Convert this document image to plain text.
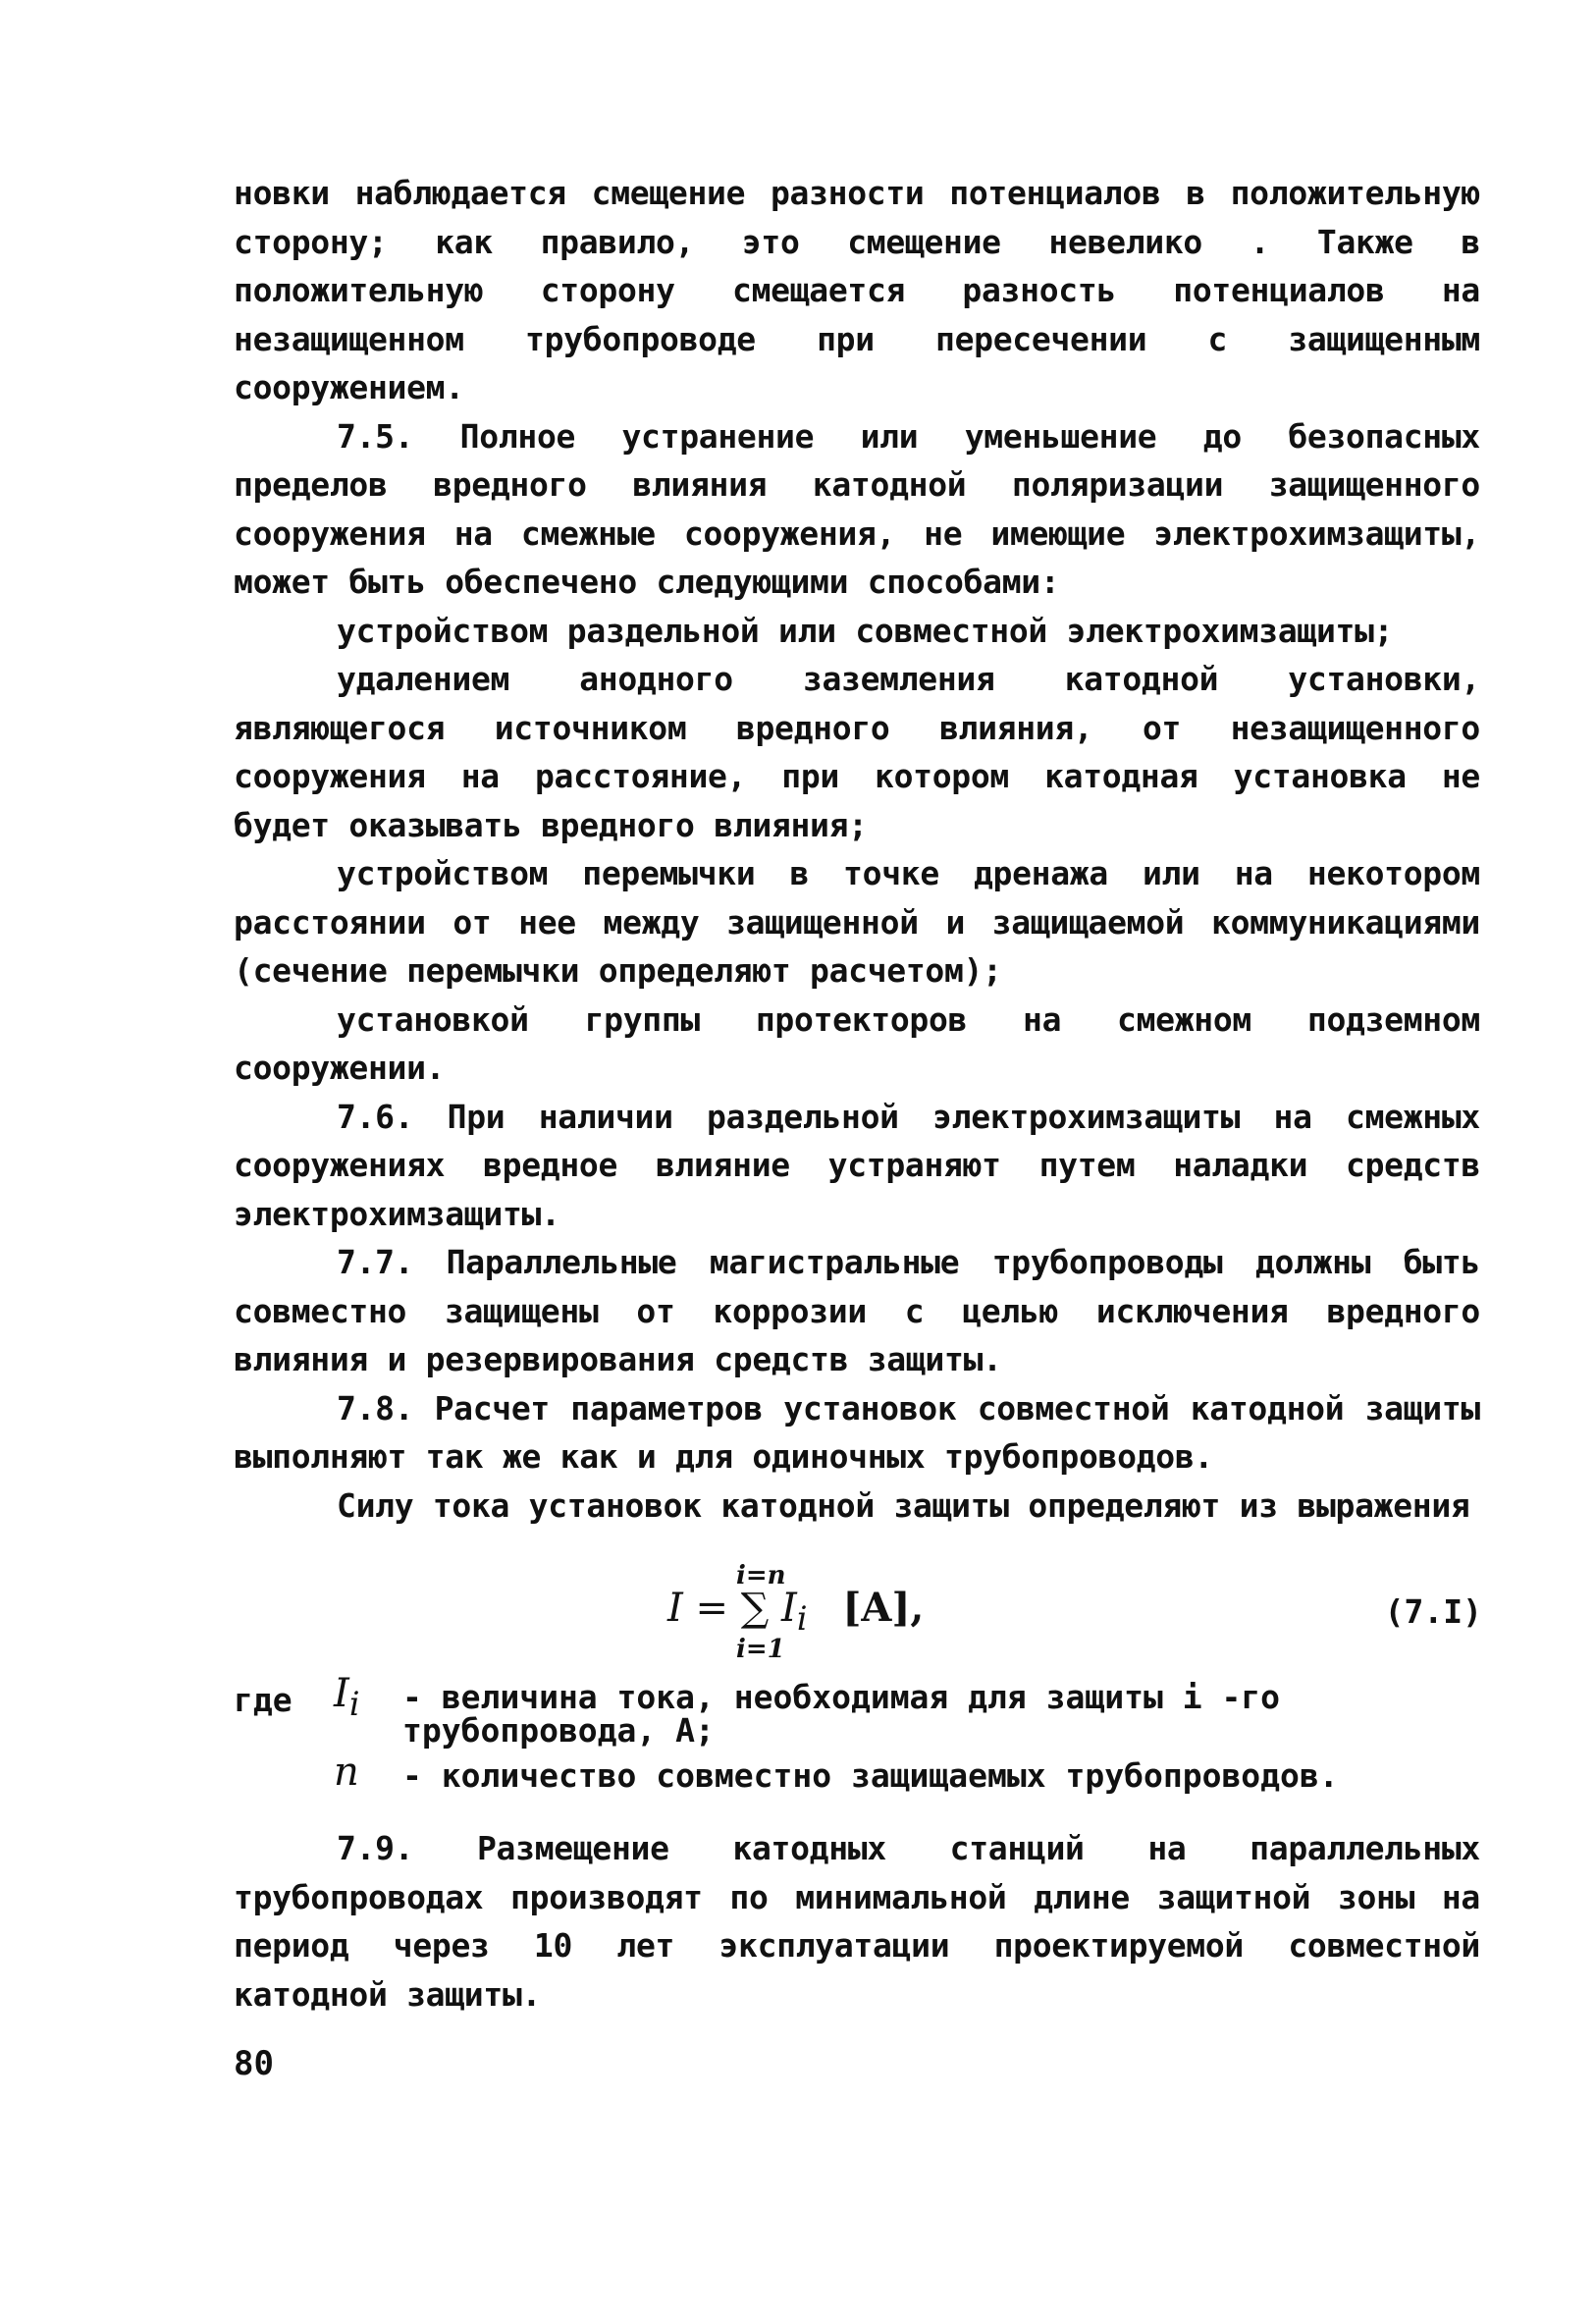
новки наблюдается смещение разности потенциалов в положительную сторону; как правило, это смещение невелико . Также в положительную сторону смещается разность потенциалов на незащищенном трубопроводе при пересечении с защищенным сооружением.

7.5. Полное устранение или уменьшение до безопасных пределов вредного влияния катодной поляризации защищенного сооружения на смежные сооружения, не имеющие электрохимзащиты, может быть обеспечено следующими способами:

устройством раздельной или совместной электрохимзащиты;

удалением анодного заземления катодной установки, являющегося источником вредного влияния, от незащищенного сооружения на расстояние, при котором катодная установка не будет оказывать вредного влияния;

устройством перемычки в точке дренажа или на некотором расстоянии от нее между защищенной и защищаемой коммуникациями (сечение перемычки определяют расчетом);

установкой группы протекторов на смежном подземном сооружении.

7.6. При наличии раздельной электрохимзащиты на смежных сооружениях вредное влияние устраняют путем наладки средств электрохимзащиты.

7.7. Параллельные магистральные трубопроводы должны быть совместно защищены от коррозии с целью исключения вредного влияния и резервирования средств защиты.

7.8. Расчет параметров установок совместной катодной защиты выполняют так же как и для одиночных трубопроводов.

Силу тока установок катодной защиты определяют из выражения

i=n
I = ∑ $I_i$ [A],
i=1
(7.I)
где $I_i$ - величина тока, необходимая для защиты i -го трубопровода, А;
n - количество совместно защищаемых трубопроводов.

7.9. Размещение катодных станций на параллельных трубопроводах производят по минимальной длине защитной зоны на период через 10 лет эксплуатации проектируемой совместной катодной защиты.

80
